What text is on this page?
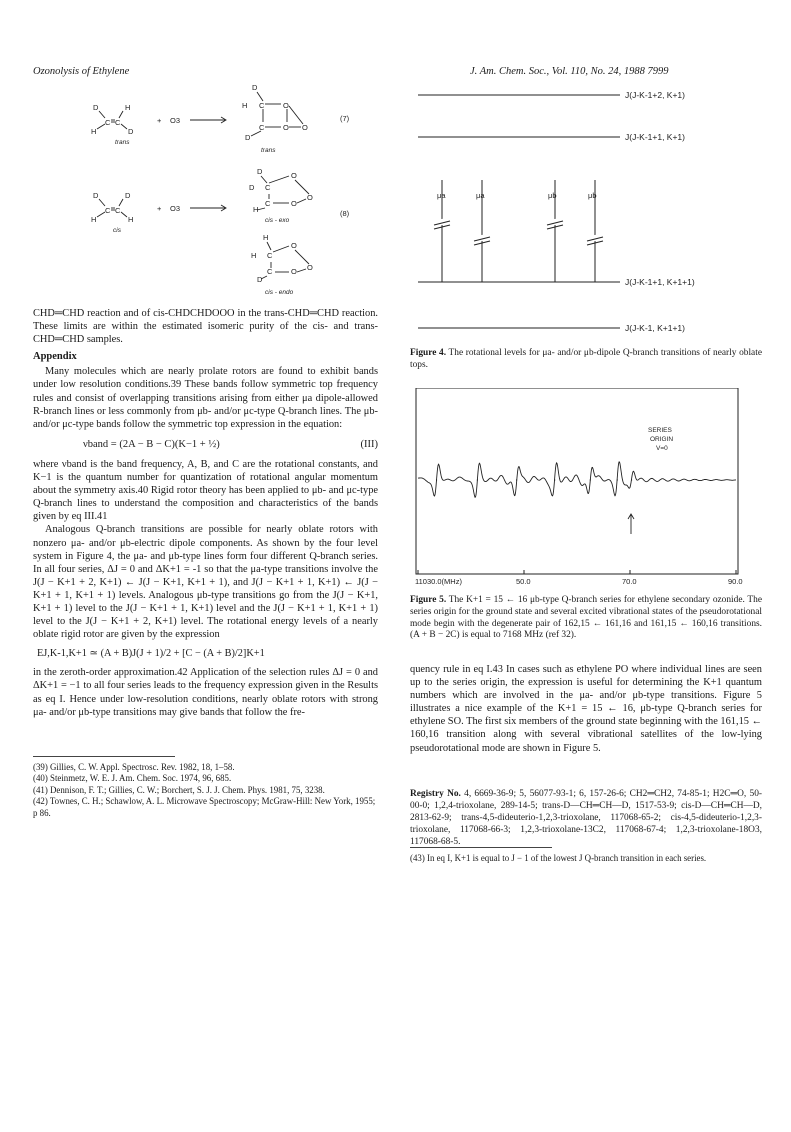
Ozonolysis of Ethylene	J. Am. Chem. Soc., Vol. 110, No. 24, 1988 7999
D	H
C C
H	D
+ O3
D
H C O
C O O
D
(7)
trans
trans
D	D
C C
H	H
cis
+ O3
D
D C
O
C	O
O
H
cis - exo
(8)
H
H C
O
C O O
D
cis - endo

CHD═CHD reaction and of cis-CHDCHDOOO in the trans-CHD═CHD reaction. These limits are within the estimated isomeric purity of the cis- and trans-CHD═CHD samples.

Appendix

Many molecules which are nearly prolate rotors are found to exhibit bands under low resolution conditions.39 These bands follow symmetric top frequency rules and consist of overlapping transitions arising from either μa dipole-allowed R-branch lines or less commonly from μb- and/or μc-type Q-branch lines. The μb- and/or μc-type bands follow the symmetric top expression in the equation:

νband = (2A − B − C)(K−1 + ½)	(III)

where νband is the band frequency, A, B, and C are the rotational constants, and K−1 is the quantum number for quantization of rotational angular momentum about the symmetry axis.40 Rigid rotor theory has been applied to μb- and μc-type Q-branch lines to understand the composition and characteristics of the bands given by eq III.41

Analogous Q-branch transitions are possible for nearly oblate rotors with nonzero μa- and/or μb-electric dipole components. As shown by the four level system in Figure 4, the μa- and μb-type lines form four different Q-branch series. In all four series, ΔJ = 0 and ΔK+1 = -1 so that the μa-type transitions involve the J(J − K+1 + 2, K+1) ← J(J − K+1, K+1 + 1), and J(J − K+1 + 1, K+1) ← J(J − K+1 + 1, K+1 + 1) levels. Analogous μb-type transitions go from the J(J − K+1, K+1 + 1) level to the J(J − K+1 + 1, K+1) level and the J(J − K+1 + 1, K+1 + 1) level to the J(J − K+1 + 2, K+1) level. The rotational energy levels of a nearly oblate rigid rotor are given by the expression

EJ,K-1,K+1 ≃ (A + B)J(J + 1)/2 + [C − (A + B)/2]K+1

in the zeroth-order approximation.42 Application of the selection rules ΔJ = 0 and ΔK+1 = −1 to all four series leads to the frequency expression given in the Results as eq I. Hence under low-resolution conditions, nearly oblate rotors with strong μa- and/or μb-type transitions may give bands that follow the fre-

(39) Gillies, C. W. Appl. Spectrosc. Rev. 1982, 18, 1–58.
(40) Steinmetz, W. E. J. Am. Chem. Soc. 1974, 96, 685.
(41) Dennison, F. T.; Gillies, C. W.; Borchert, S. J. J. Chem. Phys. 1981, 75, 3238.
(42) Townes, C. H.; Schawlow, A. L. Microwave Spectroscopy; McGraw-Hill: New York, 1955; p 86.
μa	μa	μb	μb
J(J-K-1+2, K+1)
J(J-K-1+1, K+1)
J(J-K-1+1, K+1+1)
J(J-K-1, K+1+1)
Figure 4. The rotational levels for μa- and/or μb-dipole Q-branch transitions of nearly oblate tops.
SERIES
ORIGIN
V=0
11030.0(MHz)	50.0	70.0	90.0
Figure 5. The K+1 = 15 ← 16 μb-type Q-branch series for ethylene secondary ozonide. The series origin for the ground state and several excited vibrational states of the pseudorotational mode begin with the degenerate pair of 162,15 ← 161,16 and 161,15 ← 160,16 transitions. (A + B − 2C) is equal to 7168 MHz (ref 32).

quency rule in eq I.43 In cases such as ethylene PO where individual lines are seen up to the series origin, the expression is useful for determining the K+1 quantum numbers which are involved in the μa- and/or μb-type transitions. Figure 5 illustrates a nice example of the K+1 = 15 ← 16, μb-type Q-branch series for ethylene SO. The first six members of the ground state beginning with the 161,15 ← 160,16 transition along with several vibrational satellites of the low-lying pseudorotational mode are shown in Figure 5.

Registry No. 4, 6669-36-9; 5, 56077-93-1; 6, 157-26-6; CH2═CH2, 74-85-1; H2C═O, 50-00-0; 1,2,4-trioxolane, 289-14-5; trans-D—CH═CH—D, 1517-53-9; cis-D—CH═CH—D, 2813-62-9; trans-4,5-dideuterio-1,2,3-trioxolane, 117068-65-2; cis-4,5-dideuterio-1,2,3-trioxolane, 117068-66-3; 1,2,3-trioxolane-13C2, 117068-67-4; 1,2,3-trioxolane-18O3, 117068-68-5.
(43) In eq I, K+1 is equal to J − 1 of the lowest J Q-branch transition in each series.
